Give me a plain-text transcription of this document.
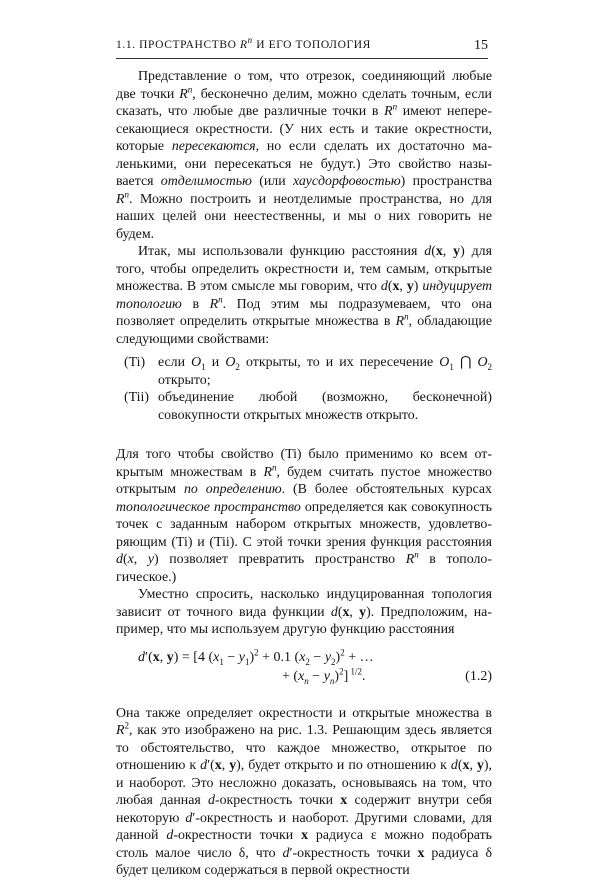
1.1. ПРОСТРАНСТВО $R^n$ И ЕГО ТОПОЛОГИЯ	15

Представление о том, что отрезок, соединяющий любые две точки $R^n$, бесконечно делим, можно сделать точным, если сказать, что любые две различные точки в $R^n$ имеют непересекающиеся окрестности. (У них есть и такие окрестности, которые пересекаются, но если сделать их достаточно маленькими, они пересекаться не будут.) Это свойство называется отделимостью (или хаусдорфовостью) пространства $R^n$. Можно построить и неотделимые пространства, но для наших целей они неестественны, и мы о них говорить не будем.

Итак, мы использовали функцию расстояния d(x, y) для того, чтобы определить окрестности и, тем самым, открытые множества. В этом смысле мы говорим, что d(x, y) индуцирует топологию в $R^n$. Под этим мы подразумеваем, что она позволяет определить открытые множества в $R^n$, обладающие следующими свойствами:

(Ti) если $O_1$ и $O_2$ открыты, то и их пересечение $O_1$ ⋂ $O_2$ открыто;
(Tii) объединение любой (возможно, бесконечной) совокупности открытых множеств открыто.

Для того чтобы свойство (Ti) было применимо ко всем открытым множествам в $R^n$, будем считать пустое множество открытым по определению. (В более обстоятельных курсах топологическое пространство определяется как совокупность точек с заданным набором открытых множеств, удовлетворяющим (Ti) и (Tii). С этой точки зрения функция расстояния d(x, y) позволяет превратить пространство $R^n$ в топологическое.)

Уместно спросить, насколько индуцированная топология зависит от точного вида функции d(x, y). Предположим, например, что мы используем другую функцию расстояния

d′(x, y) = [4 $(x_1 - y_1)^2 + 0.1$ $(x_2 - y_2)^2$ + …
+ $(x_n - y_n)^2$] $^{1/2}$.	(1.2)

Она также определяет окрестности и открытые множества в $R^2$, как это изображено на рис. 1.3. Решающим здесь является то обстоятельство, что каждое множество, открытое по отношению к d′(x, y), будет открыто и по отношению к d(x, y), и наоборот. Это несложно доказать, основываясь на том, что любая данная d-окрестность точки x содержит внутри себя некоторую d′-окрестность и наоборот. Другими словами, для данной d-окрестности точки x радиуса ε можно подобрать столь малое число δ, что d′-окрестность точки x радиуса δ будет целиком содержаться в первой окрестности
